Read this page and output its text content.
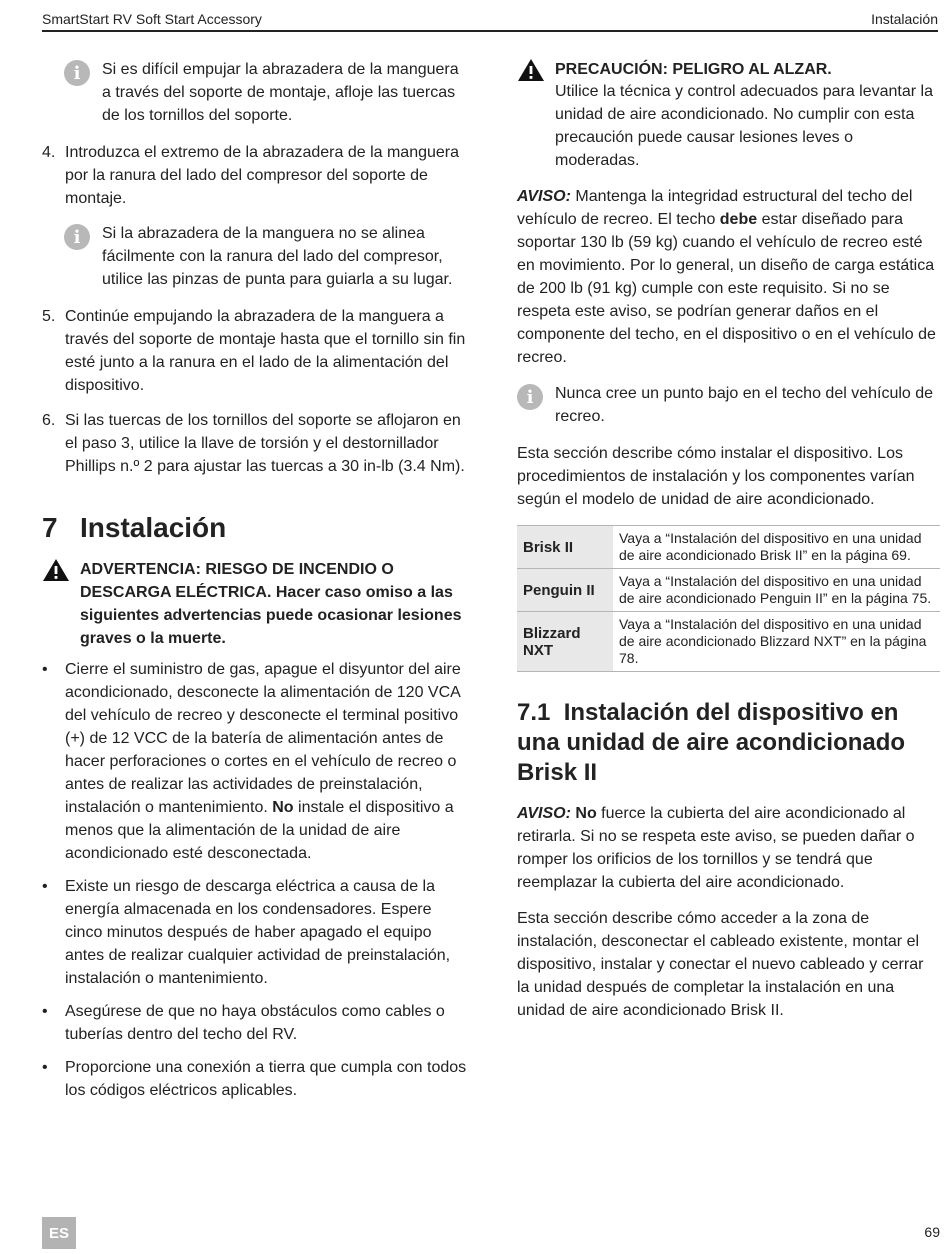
SmartStart RV Soft Start Accessory	Instalación
i	Si es difícil empujar la abrazadera de la manguera a través del soporte de montaje, afloje las tuercas de los tornillos del soporte.
4. Introduzca el extremo de la abrazadera de la manguera por la ranura del lado del compresor del soporte de montaje.
i	Si la abrazadera de la manguera no se alinea fácilmente con la ranura del lado del compresor, utilice las pinzas de punta para guiarla a su lugar.
5. Continúe empujando la abrazadera de la manguera a través del soporte de montaje hasta que el tornillo sin fin esté junto a la ranura en el lado de la alimentación del dispositivo.
6. Si las tuercas de los tornillos del soporte se aflojaron en el paso 3, utilice la llave de torsión y el destornillador Phillips n.º 2 para ajustar las tuercas a 30 in-lb (3.4 Nm).
7 Instalación
ADVERTENCIA: RIESGO DE INCENDIO O DESCARGA ELÉCTRICA. Hacer caso omiso a las siguientes advertencias puede ocasionar lesiones graves o la muerte.
•	Cierre el suministro de gas, apague el disyuntor del aire acondicionado, desconecte la alimentación de 120 VCA del vehículo de recreo y desconecte el terminal positivo (+) de 12 VCC de la batería de alimentación antes de hacer perforaciones o cortes en el vehículo de recreo o antes de realizar las actividades de preinstalación, instalación o mantenimiento. No instale el dispositivo a menos que la alimentación de la unidad de aire acondicionado esté desconectada.
•	Existe un riesgo de descarga eléctrica a causa de la energía almacenada en los condensadores. Espere cinco minutos después de haber apagado el equipo antes de realizar cualquier actividad de preinstalación, instalación o mantenimiento.
•	Asegúrese de que no haya obstáculos como cables o tuberías dentro del techo del RV.
•	Proporcione una conexión a tierra que cumpla con todos los códigos eléctricos aplicables.
PRECAUCIÓN: PELIGRO AL ALZAR.

Utilice la técnica y control adecuados para levantar la unidad de aire acondicionado. No cumplir con esta precaución puede causar lesiones leves o moderadas.

AVISO: Mantenga la integridad estructural del techo del vehículo de recreo. El techo debe estar diseñado para soportar 130 lb (59 kg) cuando el vehículo de recreo esté en movimiento. Por lo general, un diseño de carga estática de 200 lb (91 kg) cumple con este requisito. Si no se respeta este aviso, se podrían generar daños en el componente del techo, en el dispositivo o en el vehículo de recreo.

i	Nunca cree un punto bajo en el techo del vehículo de recreo.

Esta sección describe cómo instalar el dispositivo. Los procedimientos de instalación y los componentes varían según el modelo de unidad de aire acondicionado.

Brisk II	Vaya a “Instalación del dispositivo en una unidad de aire acondicionado Brisk II” en la página 69.
Penguin II	Vaya a “Instalación del dispositivo en una unidad de aire acondicionado Penguin II” en la página 75.
Blizzard NXT	Vaya a “Instalación del dispositivo en una unidad de aire acondicionado Blizzard NXT” en la página 78.
7.1 Instalación del dispositivo en una unidad de aire acondicionado Brisk II

AVISO: No fuerce la cubierta del aire acondicionado al retirarla. Si no se respeta este aviso, se pueden dañar o romper los orificios de los tornillos y se tendrá que reemplazar la cubierta del aire acondicionado.

Esta sección describe cómo acceder a la zona de instalación, desconectar el cableado existente, montar el dispositivo, instalar y conectar el nuevo cableado y cerrar la unidad después de completar la instalación en una unidad de aire acondicionado Brisk II.

ES	69
